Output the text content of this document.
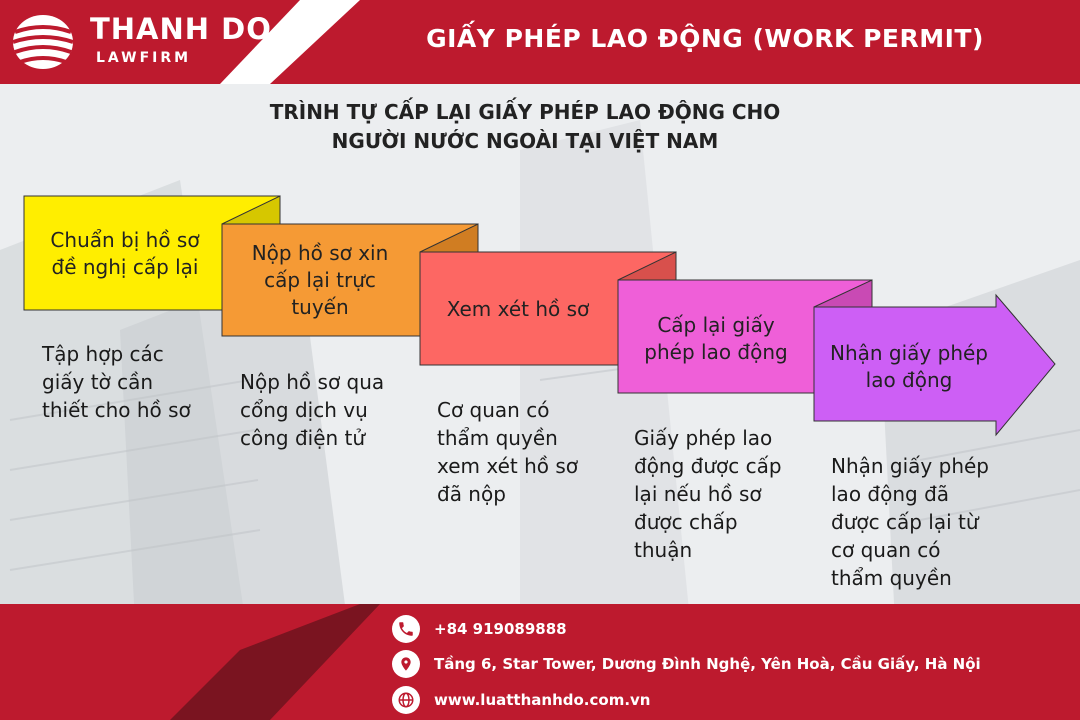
THANH DO
LAWFIRM
GIẤY PHÉP LAO ĐỘNG (WORK PERMIT)
TRÌNH TỰ CẤP LẠI GIẤY PHÉP LAO ĐỘNG CHO
NGƯỜI NƯỚC NGOÀI TẠI VIỆT NAM
Chuẩn bị hồ sơ
đề nghị cấp lại
Nộp hồ sơ xin
cấp lại trực
tuyến	Xem xét hồ sơ
Cấp lại giấy
phép lao động	Nhận giấy phép
lao động
Tập hợp các
giấy tờ cần
thiết cho hồ sơ
Nộp hồ sơ qua
cổng dịch vụ
công điện tử
Cơ quan có
thẩm quyền
xem xét hồ sơ
đã nộp
Giấy phép lao
động được cấp
lại nếu hồ sơ
được chấp
thuận
Nhận giấy phép
lao động đã
được cấp lại từ
cơ quan có
thẩm quyền
+84 919089888
Tầng 6, Star Tower, Dương Đình Nghệ, Yên Hoà, Cầu Giấy, Hà Nội
www.luatthanhdo.com.vn
